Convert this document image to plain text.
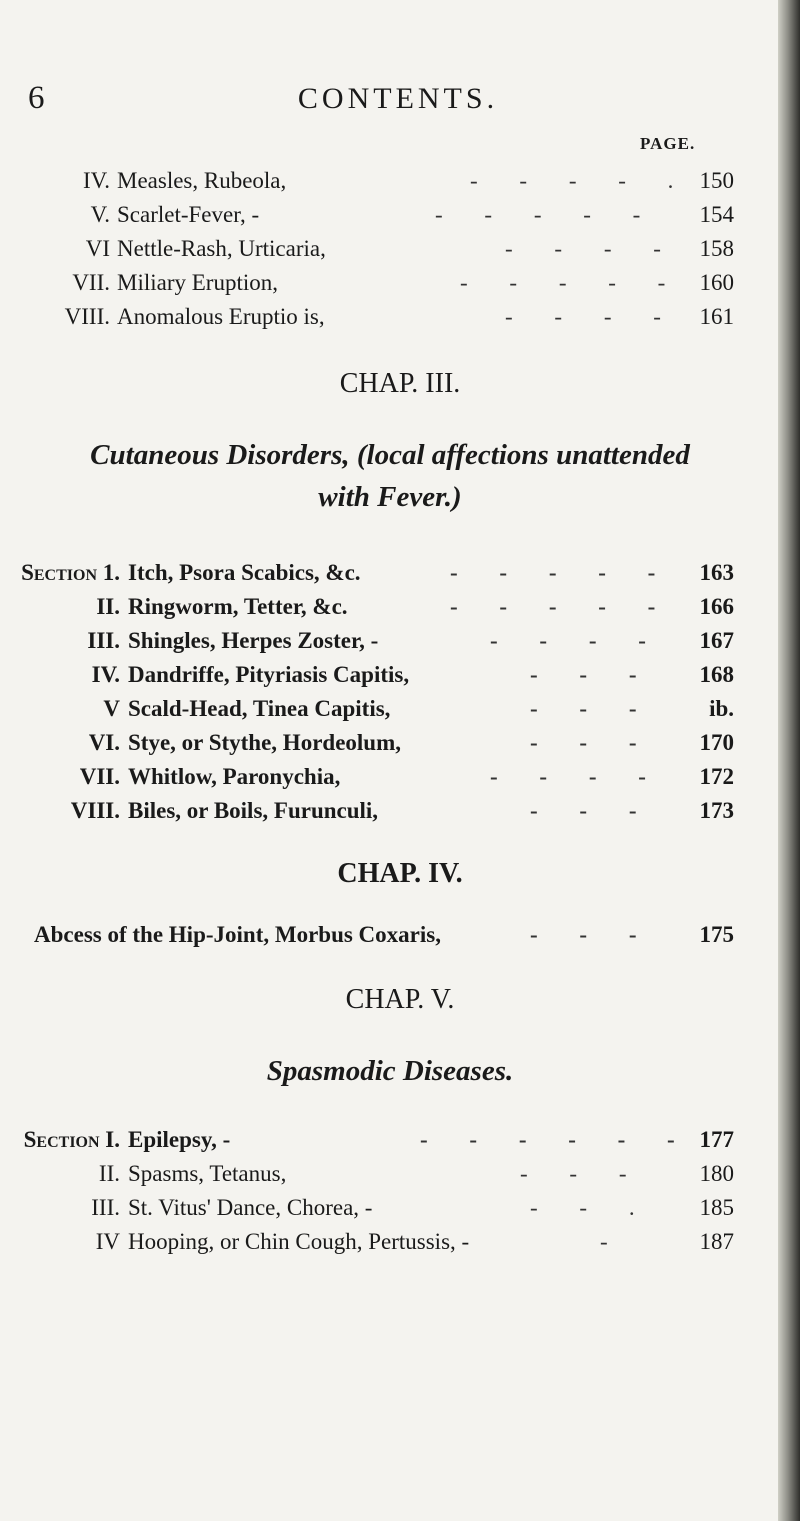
6	CONTENTS.
PAGE.
IV. Measles, Rubeola,	- - - - . 150
V. Scarlet-Fever, -	- - - - -	154
VI Nettle-Rash, Urticaria,	- - - - 158
VII. Miliary Eruption,	- - - - - 160
VIII. Anomalous Eruptio is,	- - - - 161
CHAP. III.
Cutaneous Disorders, (local affections unattended
with Fever.)
Section 1. Itch, Psora Scabics, &c.	- - - - -	163
II. Ringworm, Tetter, &c.	- - - - -	166
III. Shingles, Herpes Zoster, -	- - - -	167
IV. Dandriffe, Pityriasis Capitis,	- - -	168
V Scald-Head, Tinea Capitis,	- - -	ib.
VI. Stye, or Stythe, Hordeolum,	- - -	170
VII. Whitlow, Paronychia,	- - - -	172
VIII. Biles, or Boils, Furunculi,	- - -	173
CHAP. IV.
Abcess of the Hip-Joint, Morbus Coxaris,	- - -	175
CHAP. V.
Spasmodic Diseases.
Section I. Epilepsy, -	- - - - - - 177
II. Spasms, Tetanus,	- - -	180
III. St. Vitus' Dance, Chorea, -	- - .	185
IV Hooping, or Chin Cough, Pertussis, -	-	187
